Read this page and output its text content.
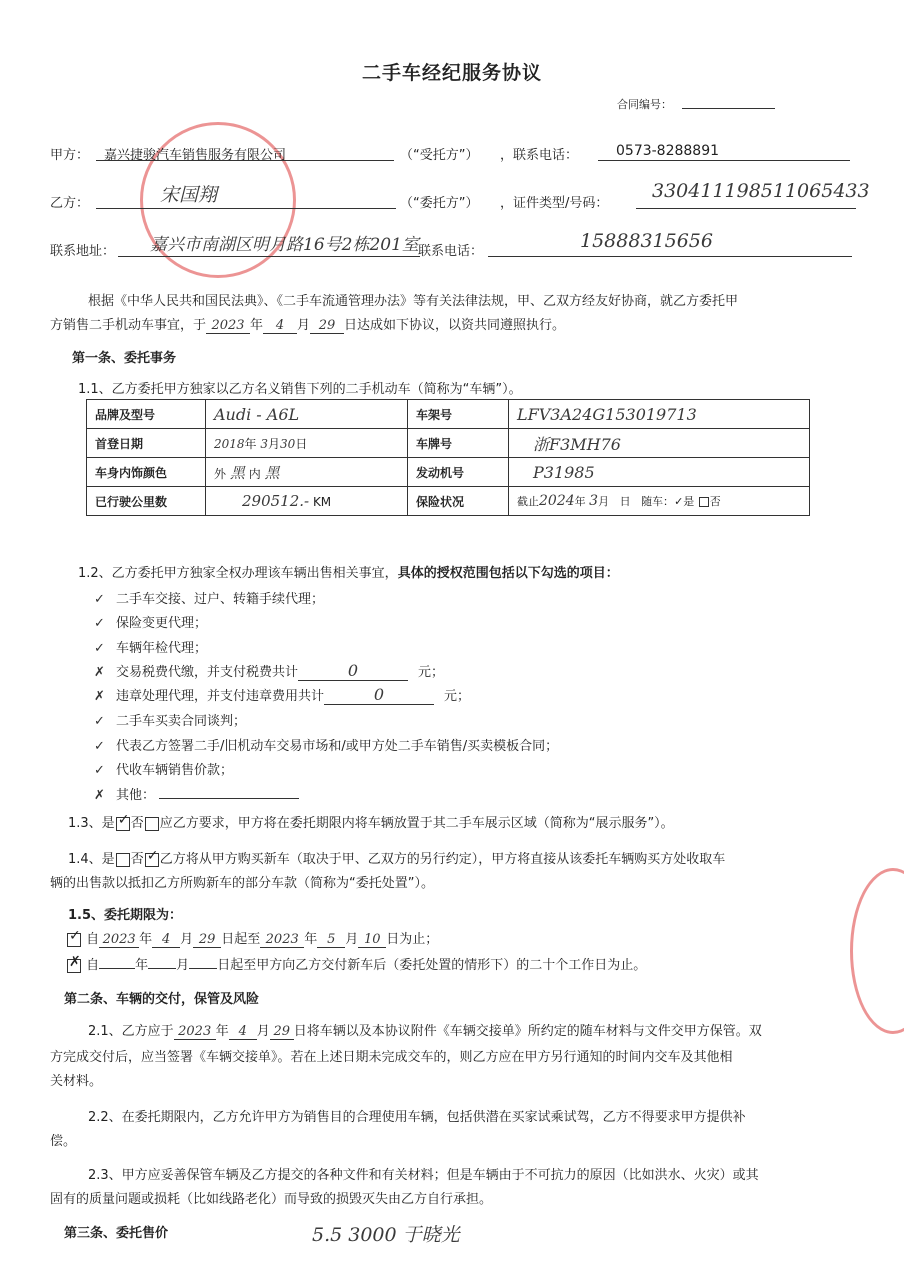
二手车经纪服务协议
合同编号：
甲方： 嘉兴捷骏汽车销售服务有限公司	（“受托方”） ，联系电话：	0573-8288891
乙方：	宋国翔	（“委托方”） ，证件类型/号码：
330411198511065433
联系地址： 嘉兴市南湖区明月路16号2栋201室 联系电话：	15888315656
根据《中华人民共和国民法典》、《二手车流通管理办法》等有关法律法规，甲、乙双方经友好协商，就乙方委托甲
方销售二手机动车事宜，于 2023 年 4 月 29 日达成如下协议，以资共同遵照执行。
第一条、委托事务
1.1、乙方委托甲方独家以乙方名义销售下列的二手机动车（简称为“车辆”）。
品牌及型号	Audi - A6L	车架号	LFV3A24G153019713
首登日期	2018年 3月30日	车牌号	浙F3MH76
车身内饰颜色	外 黑 内 黑	发动机号	P31985
已行驶公里数	290512.- KM	保险状况	截止2024年 3月 日 随车：✓是 否
1.2、乙方委托甲方独家全权办理该车辆出售相关事宜，具体的授权范围包括以下勾选的项目：
✓ 二手车交接、过户、转籍手续代理；
✓ 保险变更代理；
✓ 车辆年检代理；
✗ 交易税费代缴，并支付税费共计	0	元；
✗ 违章处理代理，并支付违章费用共计	0	元；
✓ 二手车买卖合同谈判；
✓ 代表乙方签署二手/旧机动车交易市场和/或甲方处二手车销售/买卖模板合同；
✓ 代收车辆销售价款；
✗ 其他：
1.3、是 ✓否 应乙方要求，甲方将在委托期限内将车辆放置于其二手车展示区域（简称为“展示服务”）。
1.4、是 否 ✓乙方将从甲方购买新车（取决于甲、乙双方的另行约定），甲方将直接从该委托车辆购买方处收取车
辆的出售款以抵扣乙方所购新车的部分车款（简称为“委托处置”）。
1.5、委托期限为：
✓ 自 2023 年 4 月 29 日起至 2023 年 5 月 10 日为止；
✗ 自	年 月 日起至甲方向乙方交付新车后（委托处置的情形下）的二十个工作日为止。
第二条、车辆的交付，保管及风险
2.1、乙方应于 2023 年 4 月 29 日将车辆以及本协议附件《车辆交接单》所约定的随车材料与文件交甲方保管。双
方完成交付后，应当签署《车辆交接单》。若在上述日期未完成交车的，则乙方应在甲方另行通知的时间内交车及其他相
关材料。
2.2、在委托期限内，乙方允许甲方为销售目的合理使用车辆，包括供潜在买家试乘试驾，乙方不得要求甲方提供补
偿。
2.3、甲方应妥善保管车辆及乙方提交的各种文件和有关材料；但是车辆由于不可抗力的原因（比如洪水、火灾）或其
固有的质量问题或损耗（比如线路老化）而导致的损毁灭失由乙方自行承担。
第三条、委托售价	5.5 3000 于晓光
